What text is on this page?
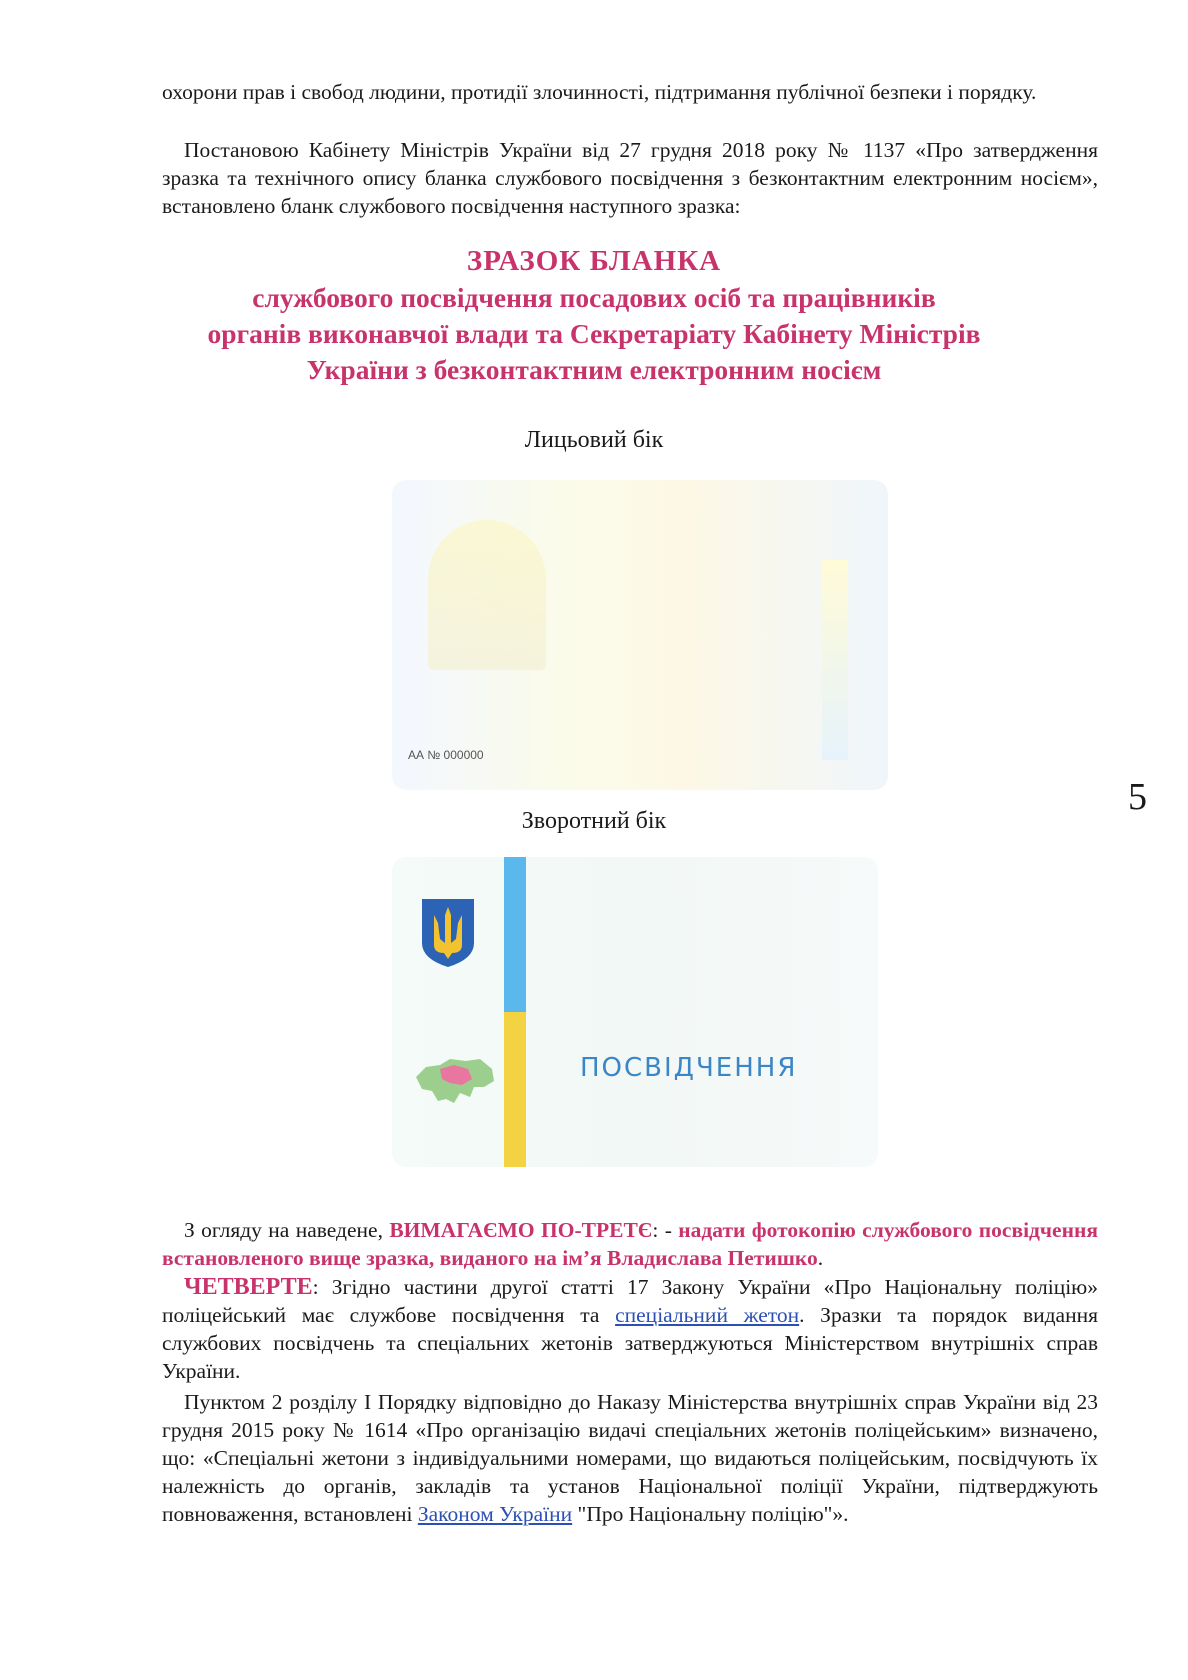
охорони прав і свобод людини, протидії злочинності, підтримання публічної безпеки і порядку.

Постановою Кабінету Міністрів України від 27 грудня 2018 року № 1137 «Про затвердження зразка та технічного опису бланка службового посвідчення з безконтактним електронним носієм», встановлено бланк службового посвідчення наступного зразка:

ЗРАЗОК БЛАНКА
службового посвідчення посадових осіб та працівників
органів виконавчої влади та Секретаріату Кабінету Міністрів
України з безконтактним електронним носієм
Лицьовий бік
АА № 000000
5
Зворотний бік
ПОСВІДЧЕННЯ

З огляду на наведене, ВИМАГАЄМО ПО-ТРЕТЄ: - надати фотокопію службового посвідчення встановленого вище зразка, виданого на ім’я Владислава Петишко.

ЧЕТВЕРТЕ: Згідно частини другої статті 17 Закону України «Про Національну поліцію» поліцейський має службове посвідчення та спеціальний жетон. Зразки та порядок видання службових посвідчень та спеціальних жетонів затверджуються Міністерством внутрішніх справ України.

Пунктом 2 розділу І Порядку відповідно до Наказу Міністерства внутрішніх справ України від 23 грудня 2015 року № 1614 «Про організацію видачі спеціальних жетонів поліцейським» визначено, що: «Спеціальні жетони з індивідуальними номерами, що видаються поліцейським, посвідчують їх належність до органів, закладів та установ Національної поліції України, підтверджують повноваження, встановлені Законом України "Про Національну поліцію"».
